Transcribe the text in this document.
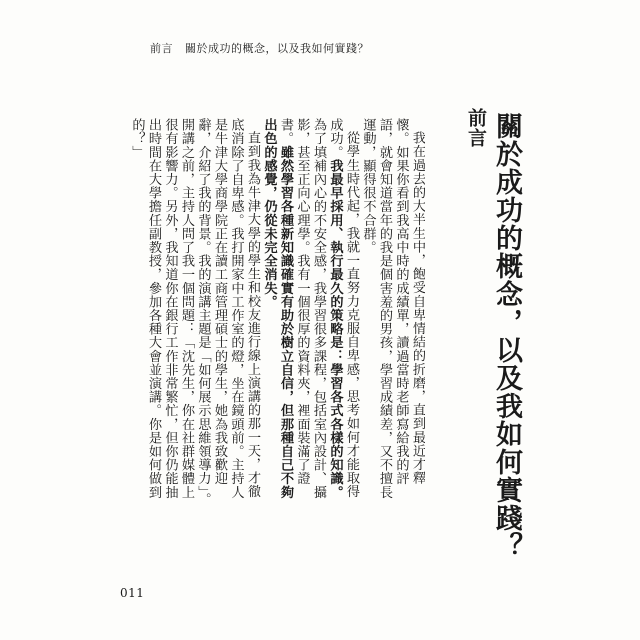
前言 關於成功的概念，以及我如何實踐？
前言 關於成功的概念，以及我如何實踐？

我在過去的大半生中，飽受自卑情結的折磨，直到最近才釋懷。如果你看到我高中時的成績單，讀過當時老師寫給我的評語，就會知道當年的我是個害羞的男孩，學習成績差，又不擅長運動，顯得很不合群。

從學生時代起，我就一直努力克服自卑感，思考如何才能取得成功。我最早採用、執行最久的策略是：學習各式各樣的知識。為了填補內心的不安全感，我學習很多課程，包括室內設計、攝影，甚至正向心理學。我有一個很厚的資料夾，裡面裝滿了證書。雖然學習各種新知識確實有助於樹立自信，但那種自己不夠出色的感覺，仍從未完全消失。

直到我為牛津大學的學生和校友進行線上演講的那一天，才徹底消除了自卑感。我打開家中工作室的燈，坐在鏡頭前。主持人是牛津大學商學院正在讀工商管理碩士的學生，她為我致歡迎辭，介紹了我的背景。我的演講主題是「如何展示思維領導力」。開講之前，主持人問了我一個問題：「沈先生，你在社群媒體上很有影響力。另外，我知道你在銀行工作非常繁忙，但你仍能抽出時間在大學擔任副教授，參加各種大會並演講。你是如何做到的？」

011
